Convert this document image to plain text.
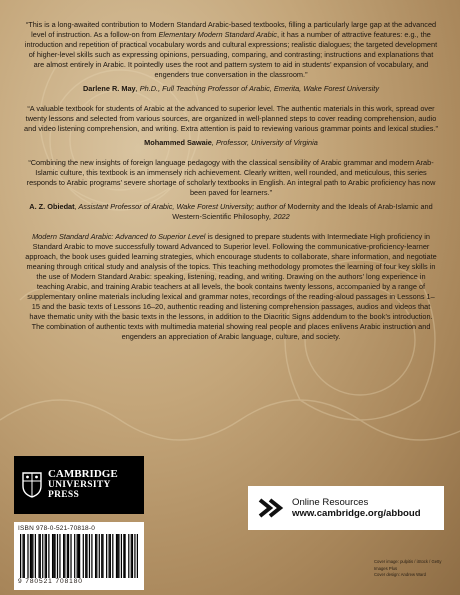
“This is a long-awaited contribution to Modern Standard Arabic-based textbooks, filling a particularly large gap at the advanced level of instruction. As a follow-on from Elementary Modern Standard Arabic, it has a number of attractive features: e.g., the introduction and repetition of practical vocabulary words and cultural expressions; realistic dialogues; the targeted development of higher-level skills such as expressing opinions, persuading, comparing, and contrasting; instructions and explanations that are almost entirely in Arabic. It pointedly uses the root and pattern system to aid in students’ expansion of vocabulary, and engenders true conversation in the classroom.”

Darlene R. May, Ph.D., Full Teaching Professor of Arabic, Emerita, Wake Forest University

“A valuable textbook for students of Arabic at the advanced to superior level. The authentic materials in this work, spread over twenty lessons and selected from various sources, are organized in well-planned steps to cover reading comprehension, audio and video listening comprehension, and writing. Extra attention is paid to reviewing various grammar points and lexical studies.”

Mohammed Sawaie, Professor, University of Virginia

“Combining the new insights of foreign language pedagogy with the classical sensibility of Arabic grammar and modern Arab-Islamic culture, this textbook is an immensely rich achievement. Clearly written, well rounded, and meticulous, this series responds to Arabic programs’ severe shortage of scholarly textbooks in English. An integral path to Arabic proficiency has now been paved for learners.”

A. Z. Obiedat, Assistant Professor of Arabic, Wake Forest University; author of Modernity and the Ideals of Arab-Islamic and Western-Scientific Philosophy, 2022

Modern Standard Arabic: Advanced to Superior Level is designed to prepare students with Intermediate High proficiency in Standard Arabic to move successfully toward Advanced to Superior level. Following the communicative-proficiency-learner approach, the book uses guided learning strategies, which encourage students to collaborate, share information, and negotiate meaning through critical study and analysis of the topics. This teaching methodology promotes the learning of four key skills in the use of Modern Standard Arabic: speaking, listening, reading, and writing. Drawing on the authors’ long experience in teaching Arabic, and training Arabic teachers at all levels, the book contains twenty lessons, accompanied by a range of supplementary online materials including lexical and grammar notes, recordings of the reading-aloud passages in Lessons 1–15 and the basic texts of Lessons 16–20, authentic reading and listening comprehension passages, audios and videos that have thematic unity with the basic texts in the lessons, in addition to the Diacritic Signs addendum to the book’s introduction. The combination of authentic texts with multimedia material showing real people and places enlivens Arabic instruction and engenders an appreciation of Arabic language, culture, and society.

CAMBRIDGE
UNIVERSITY PRESS
Online Resources
www.cambridge.org/abboud
ISBN 978-0-521-70818-0
9 780521 708180
Cover image: pulpitis / iStock / Getty Images Plus
Cover design: Andrew Ward
